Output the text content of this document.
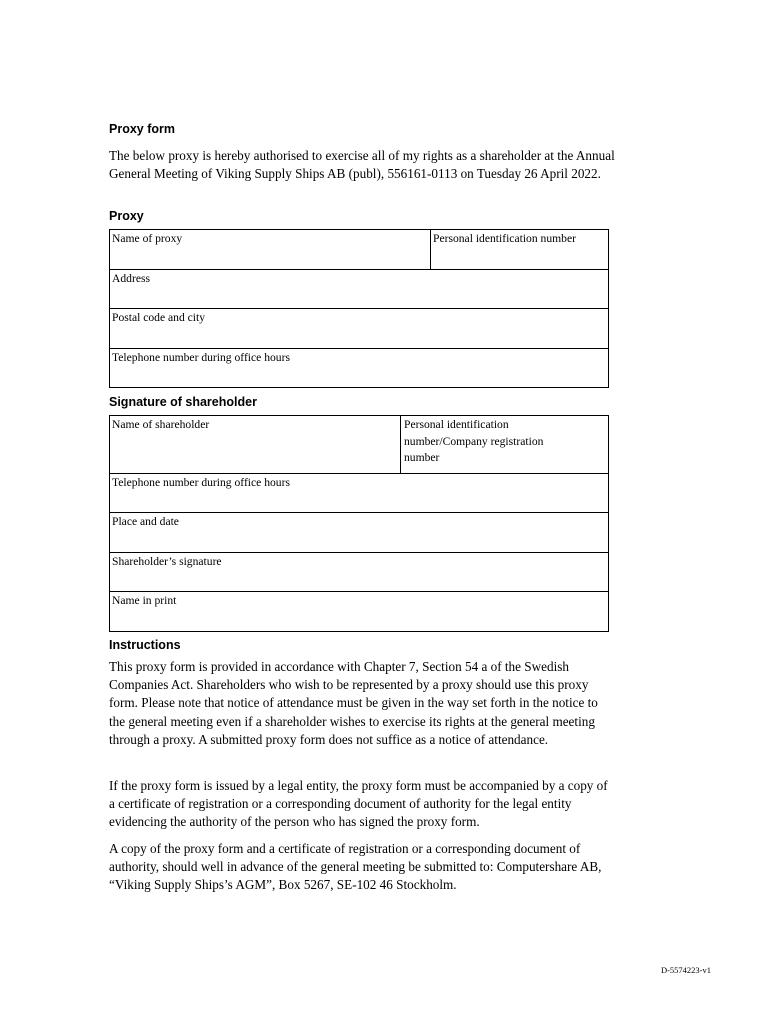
Proxy form

The below proxy is hereby authorised to exercise all of my rights as a shareholder at the Annual General Meeting of Viking Supply Ships AB (publ), 556161-0113 on Tuesday 26 April 2022.

Proxy
Name of proxy	Personal identification number
Address
Postal code and city
Telephone number during office hours
Signature of shareholder
Name of shareholder	Personal identification number/Company registration number
Telephone number during office hours
Place and date
Shareholder’s signature
Name in print
Instructions

This proxy form is provided in accordance with Chapter 7, Section 54 a of the Swedish Companies Act. Shareholders who wish to be represented by a proxy should use this proxy form. Please note that notice of attendance must be given in the way set forth in the notice to the general meeting even if a shareholder wishes to exercise its rights at the general meeting through a proxy. A submitted proxy form does not suffice as a notice of attendance.

If the proxy form is issued by a legal entity, the proxy form must be accompanied by a copy of a certificate of registration or a corresponding document of authority for the legal entity evidencing the authority of the person who has signed the proxy form.

A copy of the proxy form and a certificate of registration or a corresponding document of authority, should well in advance of the general meeting be submitted to: Computershare AB, “Viking Supply Ships’s AGM”, Box 5267, SE-102 46 Stockholm.

D-5574223-v1
